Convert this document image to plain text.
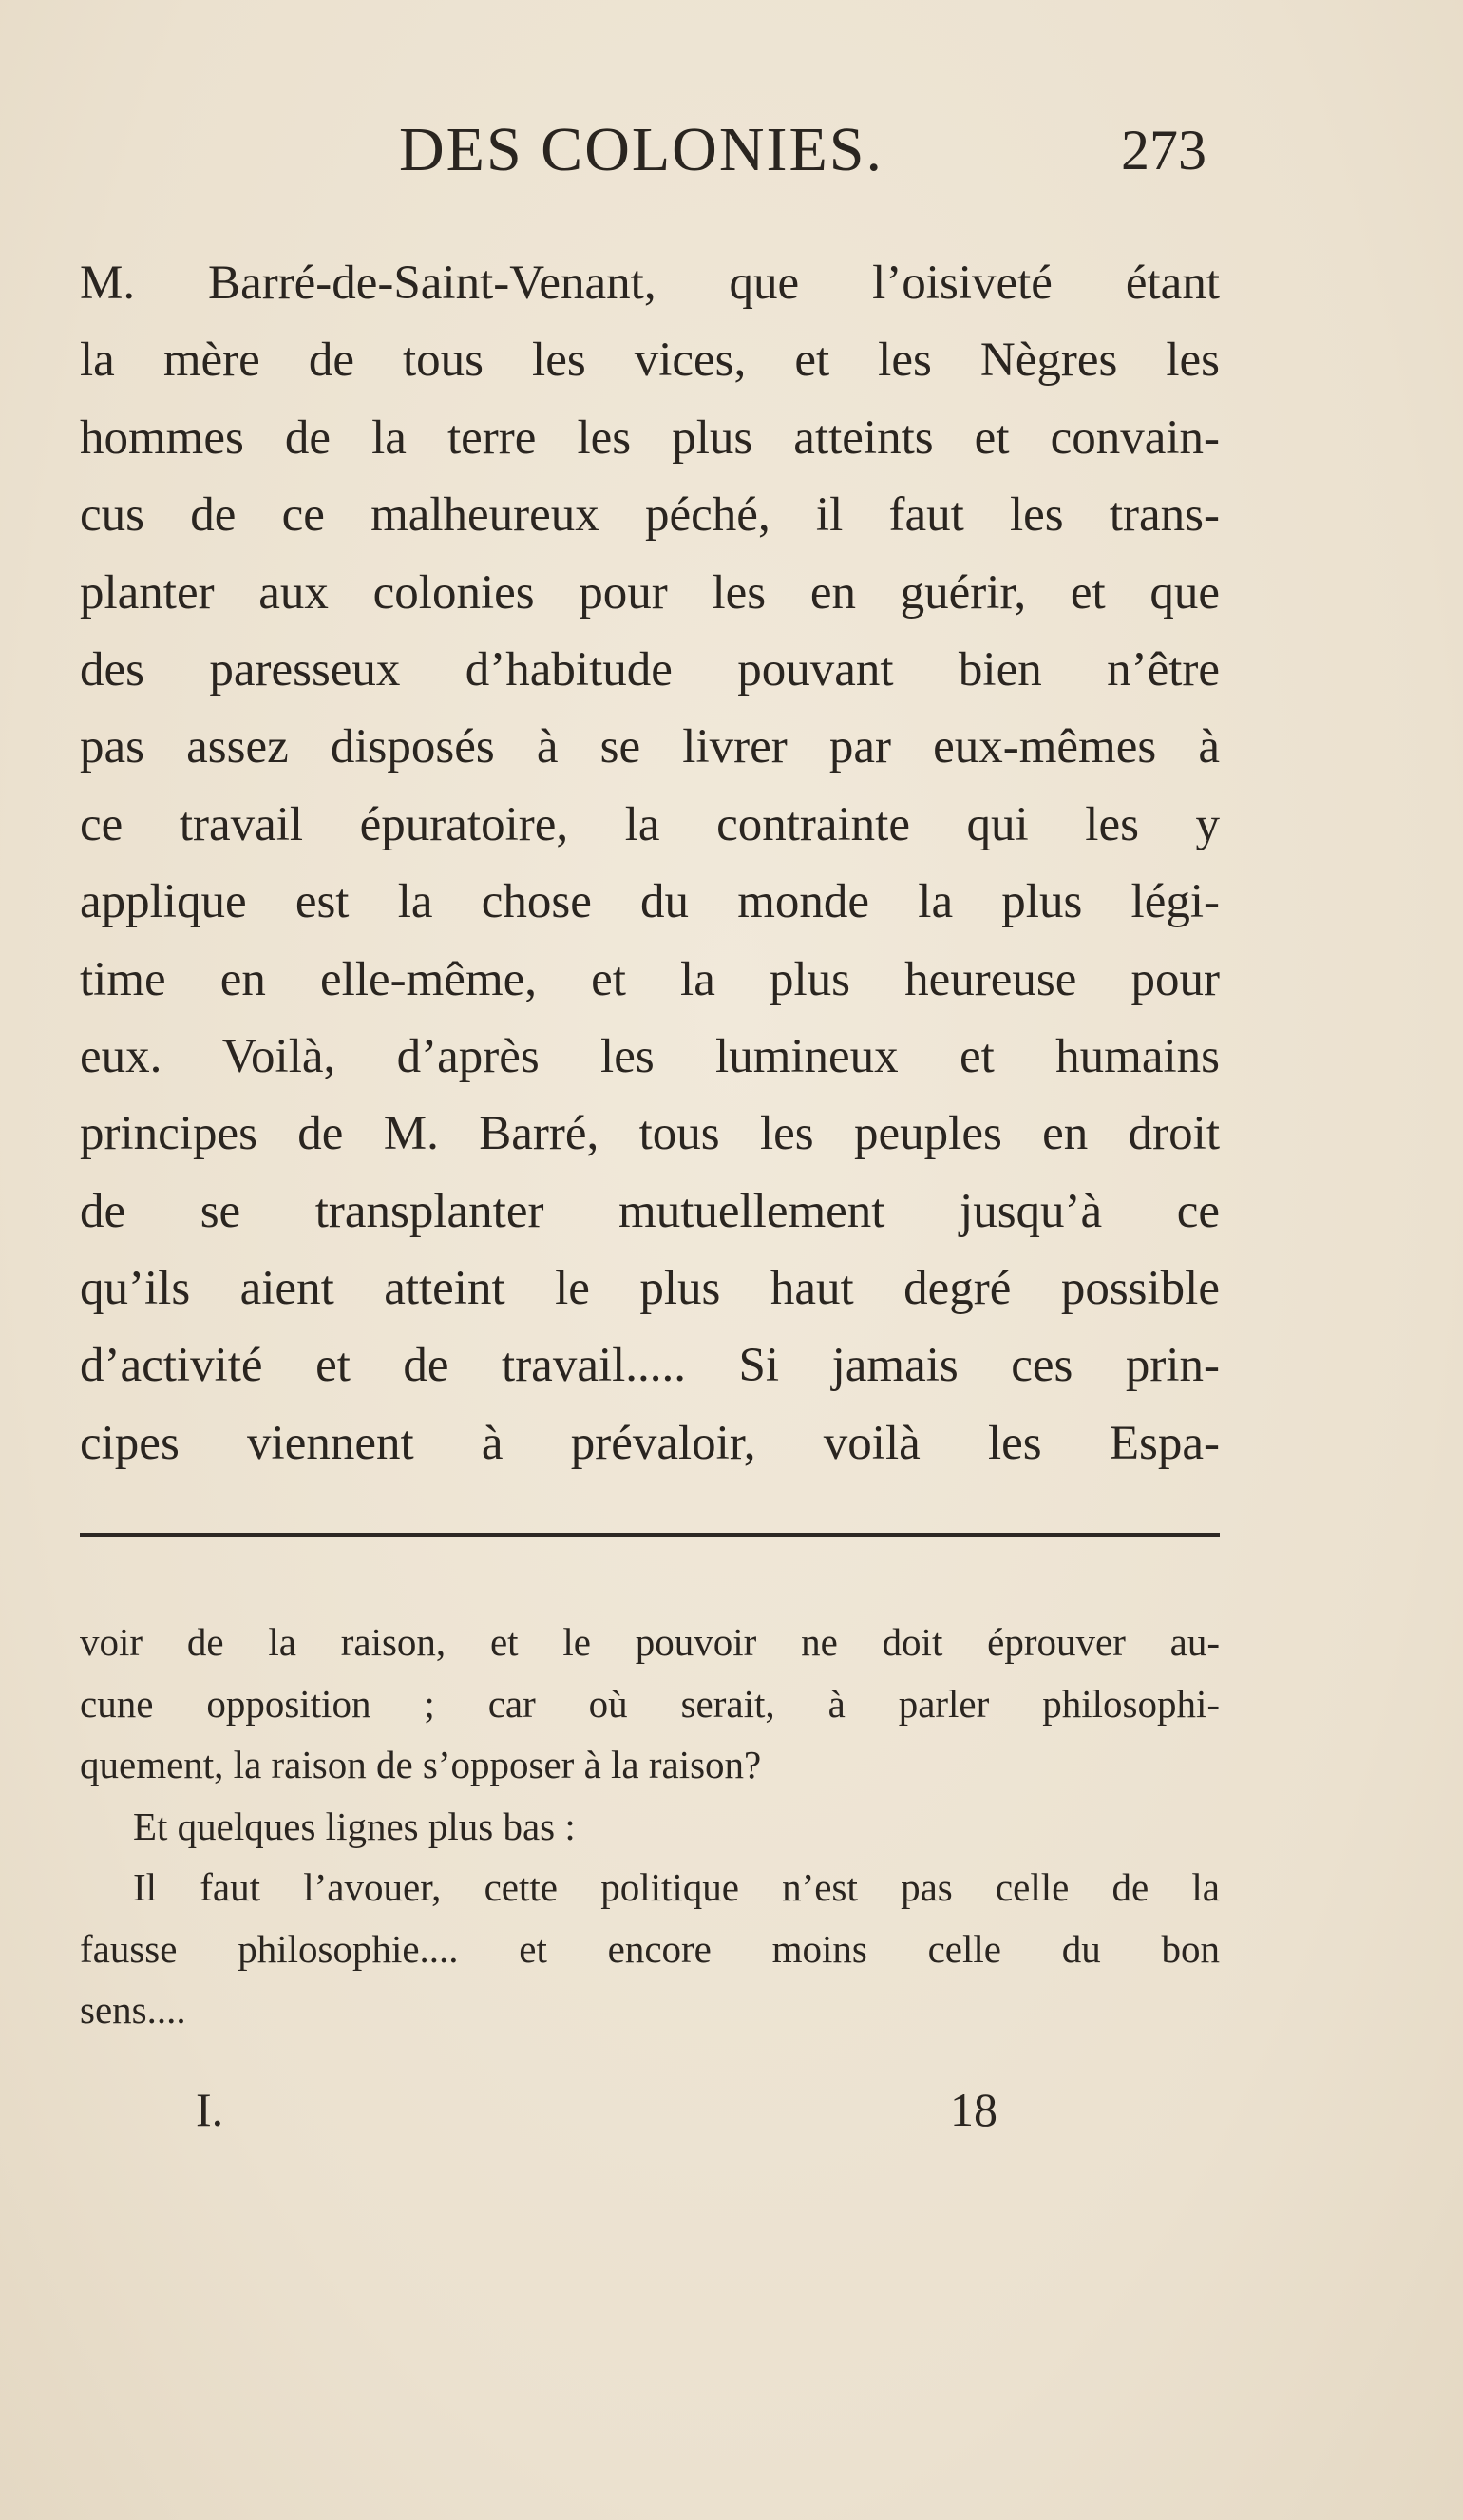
DES COLONIES.	273
M. Barré-de-Saint-Venant, que l’oisiveté étant
la mère de tous les vices, et les Nègres les
hommes de la terre les plus atteints et convain-
cus de ce malheureux péché, il faut les trans-
planter aux colonies pour les en guérir, et que
des paresseux d’habitude pouvant bien n’être
pas assez disposés à se livrer par eux-mêmes à
ce travail épuratoire, la contrainte qui les y
applique est la chose du monde la plus légi-
time en elle-même, et la plus heureuse pour
eux. Voilà, d’après les lumineux et humains
principes de M. Barré, tous les peuples en droit
de se transplanter mutuellement jusqu’à ce
qu’ils aient atteint le plus haut degré possible
d’activité et de travail..... Si jamais ces prin-
cipes viennent à prévaloir, voilà les Espa-
voir de la raison, et le pouvoir ne doit éprouver au-
cune opposition ; car où serait, à parler philosophi-
quement, la raison de s’opposer à la raison?
Et quelques lignes plus bas :
Il faut l’avouer, cette politique n’est pas celle de la
fausse philosophie.... et encore moins celle du bon
sens....
I.	18
